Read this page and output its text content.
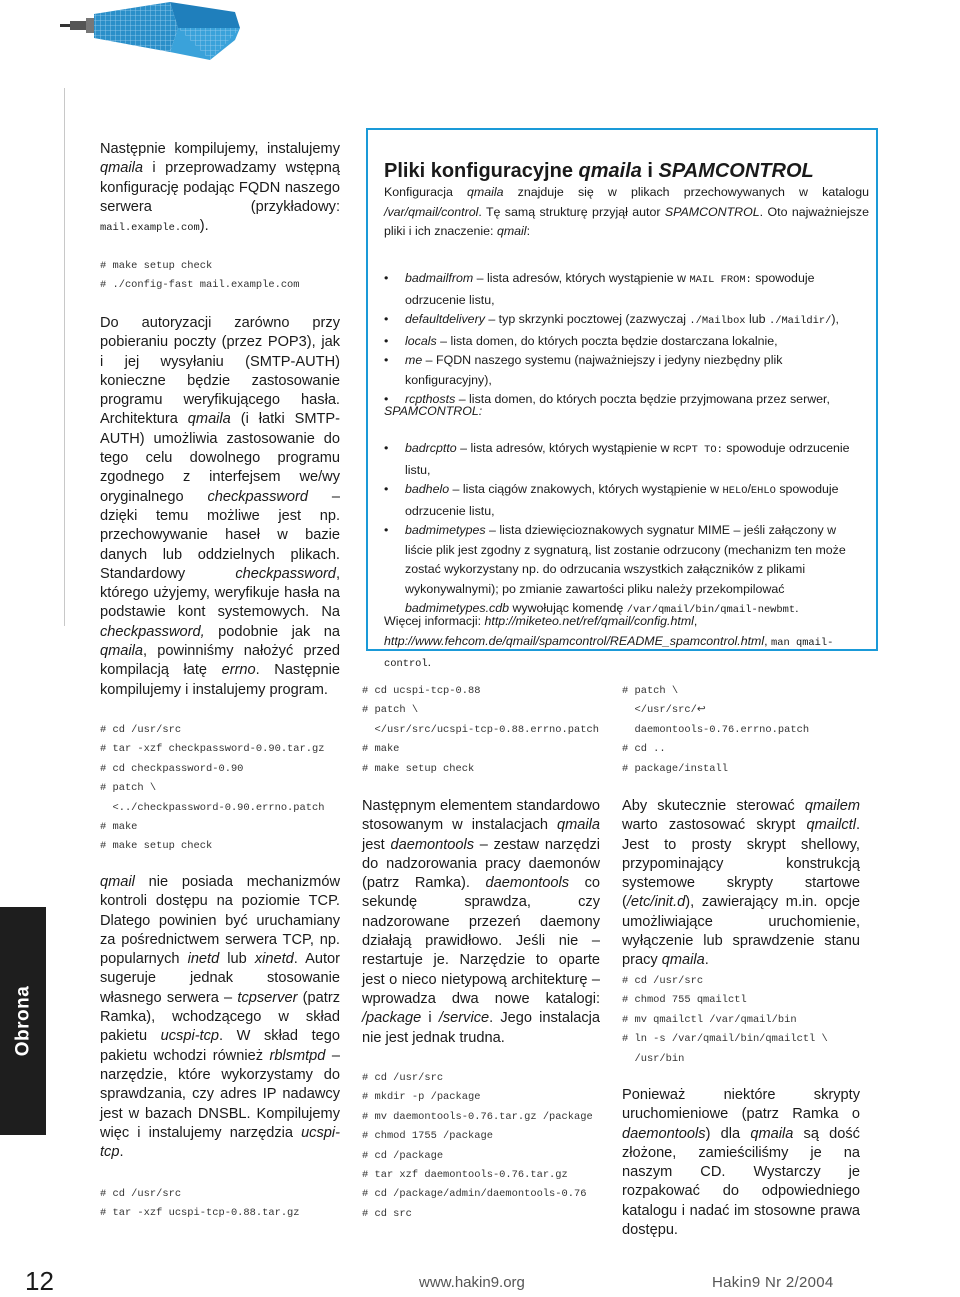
Następnie kompilujemy, instalujemy qmaila i przeprowadzamy wstępną konfigurację podając FQDN naszego serwera (przykładowy: mail.example.com).

# make setup check
# ./config-fast mail.example.com

Do autoryzacji zarówno przy pobieraniu poczty (przez POP3), jak i jej wysyłaniu (SMTP-AUTH) konieczne będzie zastosowanie programu weryfikującego hasła. Architektura qmaila (i łatki SMTP-AUTH) umożliwia zastosowanie do tego celu dowolnego programu zgodnego z interfejsem we/wy oryginalnego checkpassword – dzięki temu możliwe jest np. przechowywanie haseł w bazie danych lub oddzielnych plikach. Standardowy checkpassword, którego użyjemy, weryfikuje hasła na podstawie kont systemowych. Na checkpassword, podobnie jak na qmaila, powinniśmy nałożyć przed kompilacją łatę errno. Następnie kompilujemy i instalujemy program.

# cd /usr/src
# tar -xzf checkpassword-0.90.tar.gz
# cd checkpassword-0.90
# patch \
<../checkpassword-0.90.errno.patch
# make
# make setup check

qmail nie posiada mechanizmów kontroli dostępu na poziomie TCP. Dlatego powinien być uruchamiany za pośrednictwem serwera TCP, np. popularnych inetd lub xinetd. Autor sugeruje jednak stosowanie własnego serwera – tcpserver (patrz Ramka), wchodzącego w skład pakietu ucspi-tcp. W skład tego pakietu wchodzi również rblsmtpd – narzędzie, które wykorzystamy do sprawdzania, czy adres IP nadawcy jest w bazach DNSBL. Kompilujemy więc i instalujemy narzędzia ucspi-tcp.

# cd /usr/src
# tar -xzf ucspi-tcp-0.88.tar.gz

Pliki konfiguracyjne qmaila i SPAMCONTROL

Konfiguracja qmaila znajduje się w plikach przechowywanych w katalogu /var/qmail/control. Tę samą strukturę przyjął autor SPAMCONTROL. Oto najważniejsze pliki i ich znaczenie: qmail:

• badmailfrom – lista adresów, których wystąpienie w MAIL FROM: spowoduje odrzucenie listu,
• defaultdelivery – typ skrzynki pocztowej (zazwyczaj ./Mailbox lub ./Maildir/),
• locals – lista domen, do których poczta będzie dostarczana lokalnie,
• me – FQDN naszego systemu (najważniejszy i jedyny niezbędny plik konfiguracyjny),
• rcpthosts – lista domen, do których poczta będzie przyjmowana przez serwer,

SPAMCONTROL:

• badrcptto – lista adresów, których wystąpienie w RCPT TO: spowoduje odrzucenie listu,
• badhelo – lista ciągów znakowych, których wystąpienie w HELO/EHLO spowoduje odrzucenie listu,
• badmimetypes – lista dziewięcioznakowych sygnatur MIME – jeśli załączony w liście plik jest zgodny z sygnaturą, list zostanie odrzucony (mechanizm ten może zostać wykorzystany np. do odrzucania wszystkich załączników z plikami wykonywalnymi); po zmianie zawartości pliku należy przekompilować badmimetypes.cdb wywołując komendę /var/qmail/bin/qmail-newbmt.

Więcej informacji: http://miketeo.net/ref/qmail/config.html, http://www.fehcom.de/qmail/spamcontrol/README_spamcontrol.html, man qmail-control.

# cd ucspi-tcp-0.88
# patch \
</usr/src/ucspi-tcp-0.88.errno.patch
# make
# make setup check

Następnym elementem standardowo stosowanym w instalacjach qmaila jest daemontools – zestaw narzędzi do nadzorowania pracy daemonów (patrz Ramka). daemontools co sekundę sprawdza, czy nadzorowane przezeń daemony działają prawidłowo. Jeśli nie – restartuje je. Narzędzie to oparte jest o nieco nietypową architekturę – wprowadza dwa nowe katalogi: /package i /service. Jego instalacja nie jest jednak trudna.

# cd /usr/src
# mkdir -p /package
# mv daemontools-0.76.tar.gz /package
# chmod 1755 /package
# cd /package
# tar xzf daemontools-0.76.tar.gz
# cd /package/admin/daemontools-0.76
# cd src
# patch \
</usr/src/↩
daemontools-0.76.errno.patch
# cd ..
# package/install

Aby skutecznie sterować qmailem warto zastosować skrypt qmailctl. Jest to prosty skrypt shellowy, przypominający konstrukcją systemowe skrypty startowe (/etc/init.d), zawierający m.in. opcje umożliwiające uruchomienie, wyłączenie lub sprawdzenie stanu pracy qmaila.

# cd /usr/src
# chmod 755 qmailctl
# mv qmailctl /var/qmail/bin
# ln -s /var/qmail/bin/qmailctl \
/usr/bin

Ponieważ niektóre skrypty uruchomieniowe (patrz Ramka o daemontools) dla qmaila są dość złożone, zamieściliśmy je na naszym CD. Wystarczy je rozpakować do odpowiedniego katalogu i nadać im stosowne prawa dostępu.

Obrona

12	www.hakin9.org	Hakin9 Nr 2/2004
